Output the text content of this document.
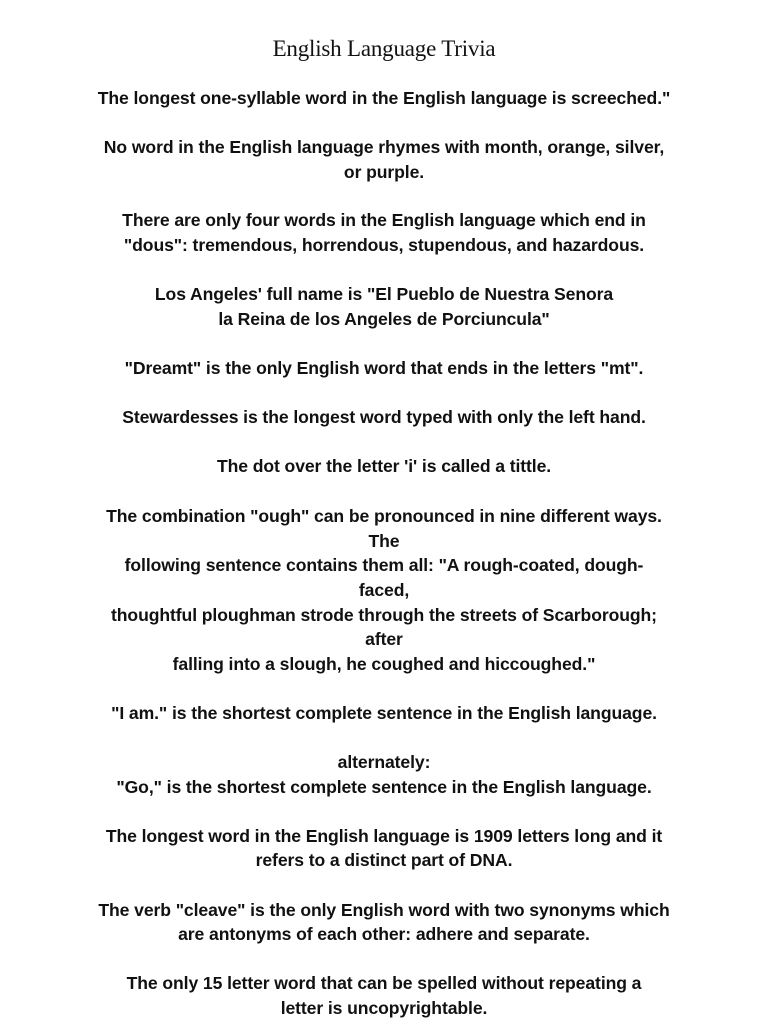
English Language Trivia
The longest one-syllable word in the English language is screeched."
No word in the English language rhymes with month, orange, silver,
or purple.
There are only four words in the English language which end in
"dous": tremendous, horrendous, stupendous, and hazardous.
Los Angeles' full name is "El Pueblo de Nuestra Senora
la Reina de los Angeles de Porciuncula"
"Dreamt" is the only English word that ends in the letters "mt".
Stewardesses is the longest word typed with only the left hand.
The dot over the letter 'i' is called a tittle.
The combination "ough" can be pronounced in nine different ways.
The
following sentence contains them all: "A rough-coated, dough-
faced,
thoughtful ploughman strode through the streets of Scarborough;
after
falling into a slough, he coughed and hiccoughed."
"I am." is the shortest complete sentence in the English language.
alternately:
"Go," is the shortest complete sentence in the English language.
The longest word in the English language is 1909 letters long and it
refers to a distinct part of DNA.
The verb "cleave" is the only English word with two synonyms which
are antonyms of each other: adhere and separate.
The only 15 letter word that can be spelled without repeating a
letter is uncopyrightable.
